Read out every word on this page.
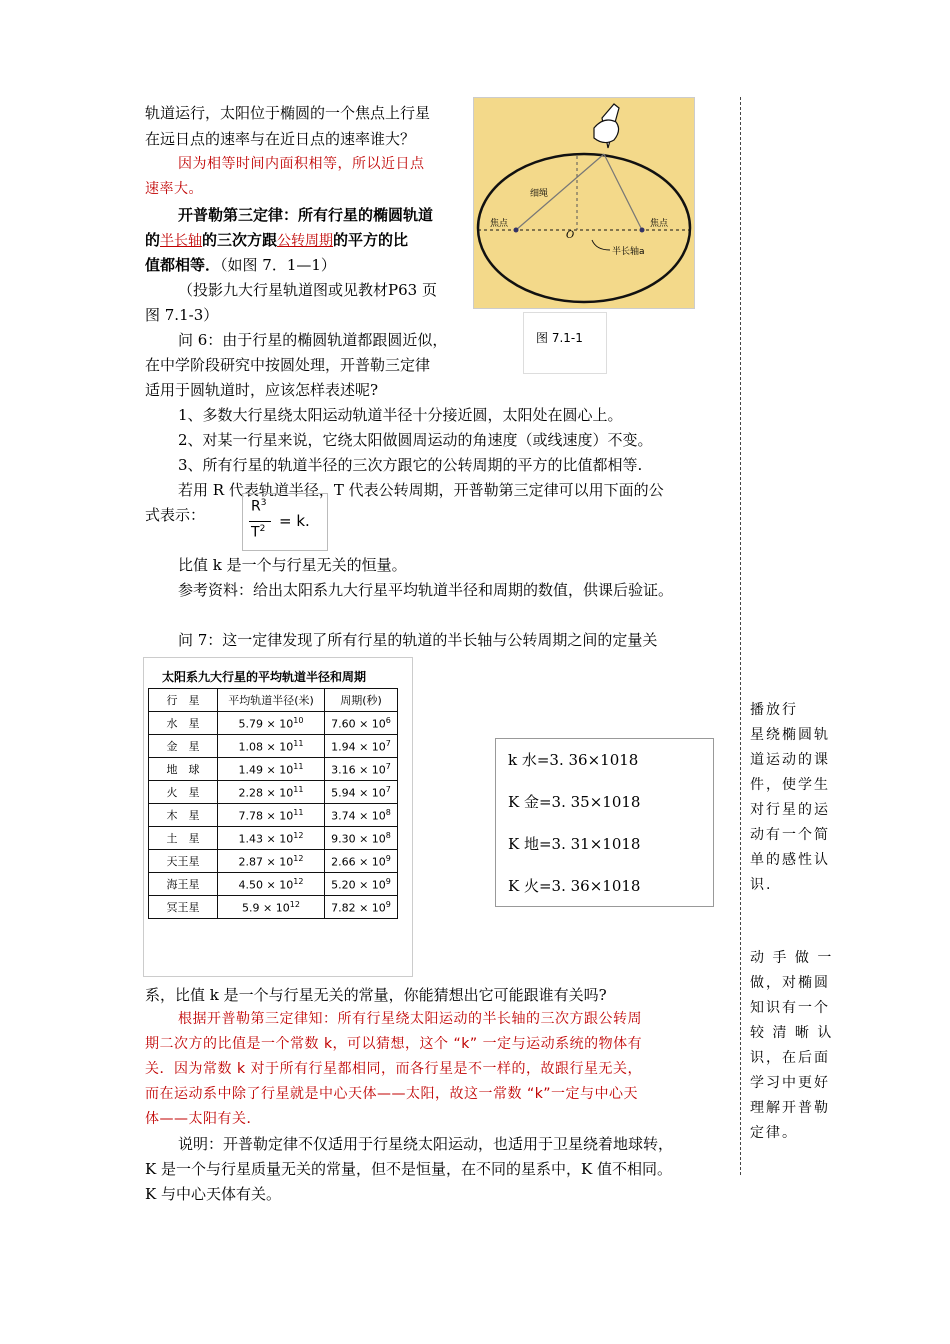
轨道运行，太阳位于椭圆的一个焦点上行星
在远日点的速率与在近日点的速率谁大？
因为相等时间内面积相等，所以近日点
速率大。
开普勒第三定律：所有行星的椭圆轨道
的半长轴的三次方跟公转周期的平方的比
值都相等．（如图 7．1—1）
（投影九大行星轨道图或见教材P63 页
图 7.1-3）
问 6：由于行星的椭圆轨道都跟圆近似，
在中学阶段研究中按圆处理，开普勒三定律
适用于圆轨道时，应该怎样表述呢?
1、多数大行星绕太阳运动轨道半径十分接近圆，太阳处在圆心上。
2、对某一行星来说，它绕太阳做圆周运动的角速度（或线速度）不变。
3、所有行星的轨道半径的三次方跟它的公转周期的平方的比值都相等.
若用 R 代表轨道半径，T 代表公转周期，开普勒第三定律可以用下面的公
式表示：
比值 k 是一个与行星无关的恒量。
参考资料：给出太阳系九大行星平均轨道半径和周期的数值，供课后验证。
问 7：这一定律发现了所有行星的轨道的半长轴与公转周期之间的定量关
系，比值 k 是一个与行星无关的常量，你能猜想出它可能跟谁有关吗?
根据开普勒第三定律知：所有行星绕太阳运动的半长轴的三次方跟公转周
期二次方的比值是一个常数 k，可以猜想，这个 “k” 一定与运动系统的物体有
关．因为常数 k 对于所有行星都相同，而各行星是不一样的，故跟行星无关，
而在运动系中除了行星就是中心天体——太阳，故这一常数 “k”一定与中心天
体——太阳有关．
说明：开普勒定律不仅适用于行星绕太阳运动，也适用于卫星绕着地球转，
K 是一个与行星质量无关的常量，但不是恒量，在不同的星系中，K 值不相同。
K 与中心天体有关。
细绳
焦点	焦点
O
半长轴a
图 7.1-1
$R^3$
$T^2 = k$.
太阳系九大行星的平均轨道半径和周期
行　星	平均轨道半径(米)	周期(秒)
水　星	$5.79 \times 10^{10}$	$7.60 \times 10^6$
金　星	$1.08 \times 10^{11}$	$1.94 \times 10^7$
地　球	$1.49 \times 10^{11}$	$3.16 \times 10^7$
火　星	$2.28 \times 10^{11}$	$5.94 \times 10^7$
木　星	$7.78 \times 10^{11}$	$3.74 \times 10^8$
土　星	$1.43 \times 10^{12}$	$9.30 \times 10^8$
天王星	$2.87 \times 10^{12}$	$2.66 \times 10^9$
海王星	$4.50 \times 10^{12}$	$5.20 \times 10^9$
冥王星	$5.9 \times 10^{12}$	$7.82 \times 10^9$
k 水=3. 36×1018
K 金=3. 35×1018
K 地=3. 31×1018
K 火=3. 36×1018
播放行
星绕椭圆轨
道运动的课
件，使学生
对行星的运
动有一个简
单的感性认
识.
动 手 做 一
做，对椭圆
知识有一个
较 清 晰 认
识，在后面
学习中更好
理解开普勒
定律。
